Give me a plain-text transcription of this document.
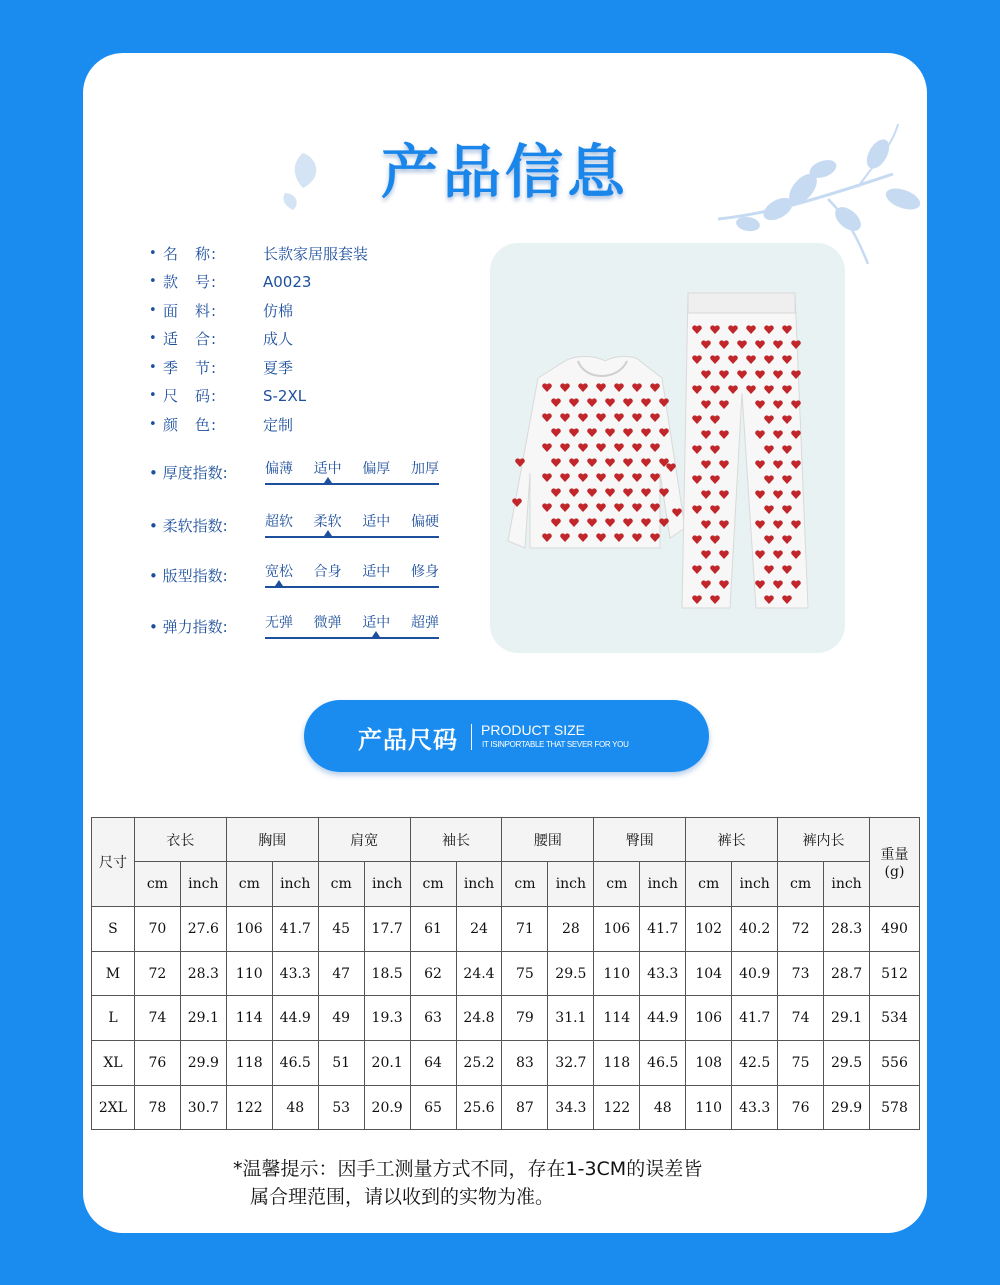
产品信息
• 名　称:	长款家居服套装
• 款　号:	A0023
• 面　料:	仿棉
• 适　合:	成人
• 季　节:	夏季
• 尺　码:	S-2XL
• 颜　色:	定制
• 厚度指数:	偏薄 适中 偏厚 加厚
• 柔软指数:	超软 柔软 适中 偏硬
• 版型指数:	宽松 合身 适中 修身
• 弹力指数:	无弹 微弹 适中 超弹
产品尺码 PRODUCT SIZE
IT ISINPORTABLE THAT SEVER FOR YOU
尺寸	衣长		胸围		肩宽		袖长		腰围		臀围		裤长		裤内长		重量
(g)
	cm	inch	cm	inch	cm	inch	cm	inch	cm	inch	cm	inch	cm	inch	cm	inch	
S	70	27.6	106	41.7	45	17.7	61	24	71	28	106	41.7	102	40.2	72	28.3	490
M	72	28.3	110	43.3	47	18.5	62	24.4	75	29.5	110	43.3	104	40.9	73	28.7	512
L	74	29.1	114	44.9	49	19.3	63	24.8	79	31.1	114	44.9	106	41.7	74	29.1	534
XL	76	29.9	118	46.5	51	20.1	64	25.2	83	32.7	118	46.5	108	42.5	75	29.5	556
2XL	78	30.7	122	48	53	20.9	65	25.6	87	34.3	122	48	110	43.3	76	29.9	578
*温馨提示：因手工测量方式不同，存在1-3CM的误差皆
属合理范围，请以收到的实物为准。
